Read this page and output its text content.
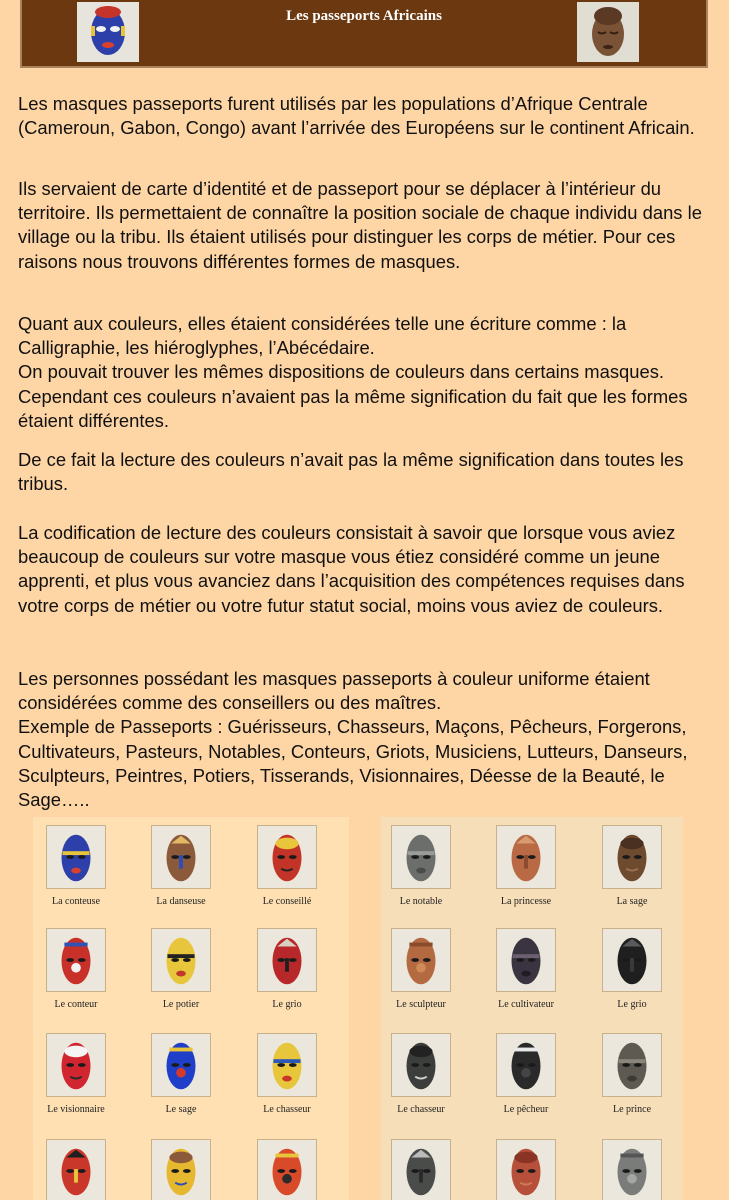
Les passeports Africains

Les masques passeports furent utilisés par les populations d’Afrique Centrale (Cameroun, Gabon, Congo) avant l’arrivée des Européens sur le continent Africain.

Ils servaient de carte d’identité et de passeport pour se déplacer à l’intérieur du territoire. Ils permettaient de connaître la position sociale de chaque individu dans le village ou la tribu. Ils étaient utilisés pour distinguer les corps de métier. Pour ces raisons nous trouvons différentes formes de masques.

Quant aux couleurs, elles étaient considérées telle une écriture comme : la Calligraphie, les hiéroglyphes, l’Abécédaire.

On pouvait trouver les mêmes dispositions de couleurs dans certains masques. Cependant ces couleurs n’avaient pas la même signification du fait que les formes étaient différentes.

De ce fait la lecture des couleurs n’avait pas la même signification dans toutes les tribus.

La codification de lecture des couleurs consistait à savoir que lorsque vous aviez beaucoup de couleurs sur votre masque vous étiez considéré comme un jeune apprenti, et plus vous avanciez dans l’acquisition des compétences requises dans votre corps de métier ou votre futur statut social, moins vous aviez de couleurs.

Les personnes possédant les masques passeports à couleur uniforme étaient considérées comme des conseillers ou des maîtres.

Exemple de Passeports : Guérisseurs, Chasseurs, Maçons, Pêcheurs, Forgerons, Cultivateurs, Pasteurs, Notables, Conteurs, Griots, Musiciens, Lutteurs, Danseurs, Sculpteurs, Peintres, Potiers, Tisserands, Visionnaires, Déesse de la Beauté, le Sage…..

La conteuse	La danseuse	Le conseillé
Le conteur	Le potier	Le grio
Le visionnaire	Le sage	Le chasseur
Le notable	La princesse	La sage
Le sculpteur	Le cultivateur	Le grio
Le chasseur	Le pêcheur	Le prince
